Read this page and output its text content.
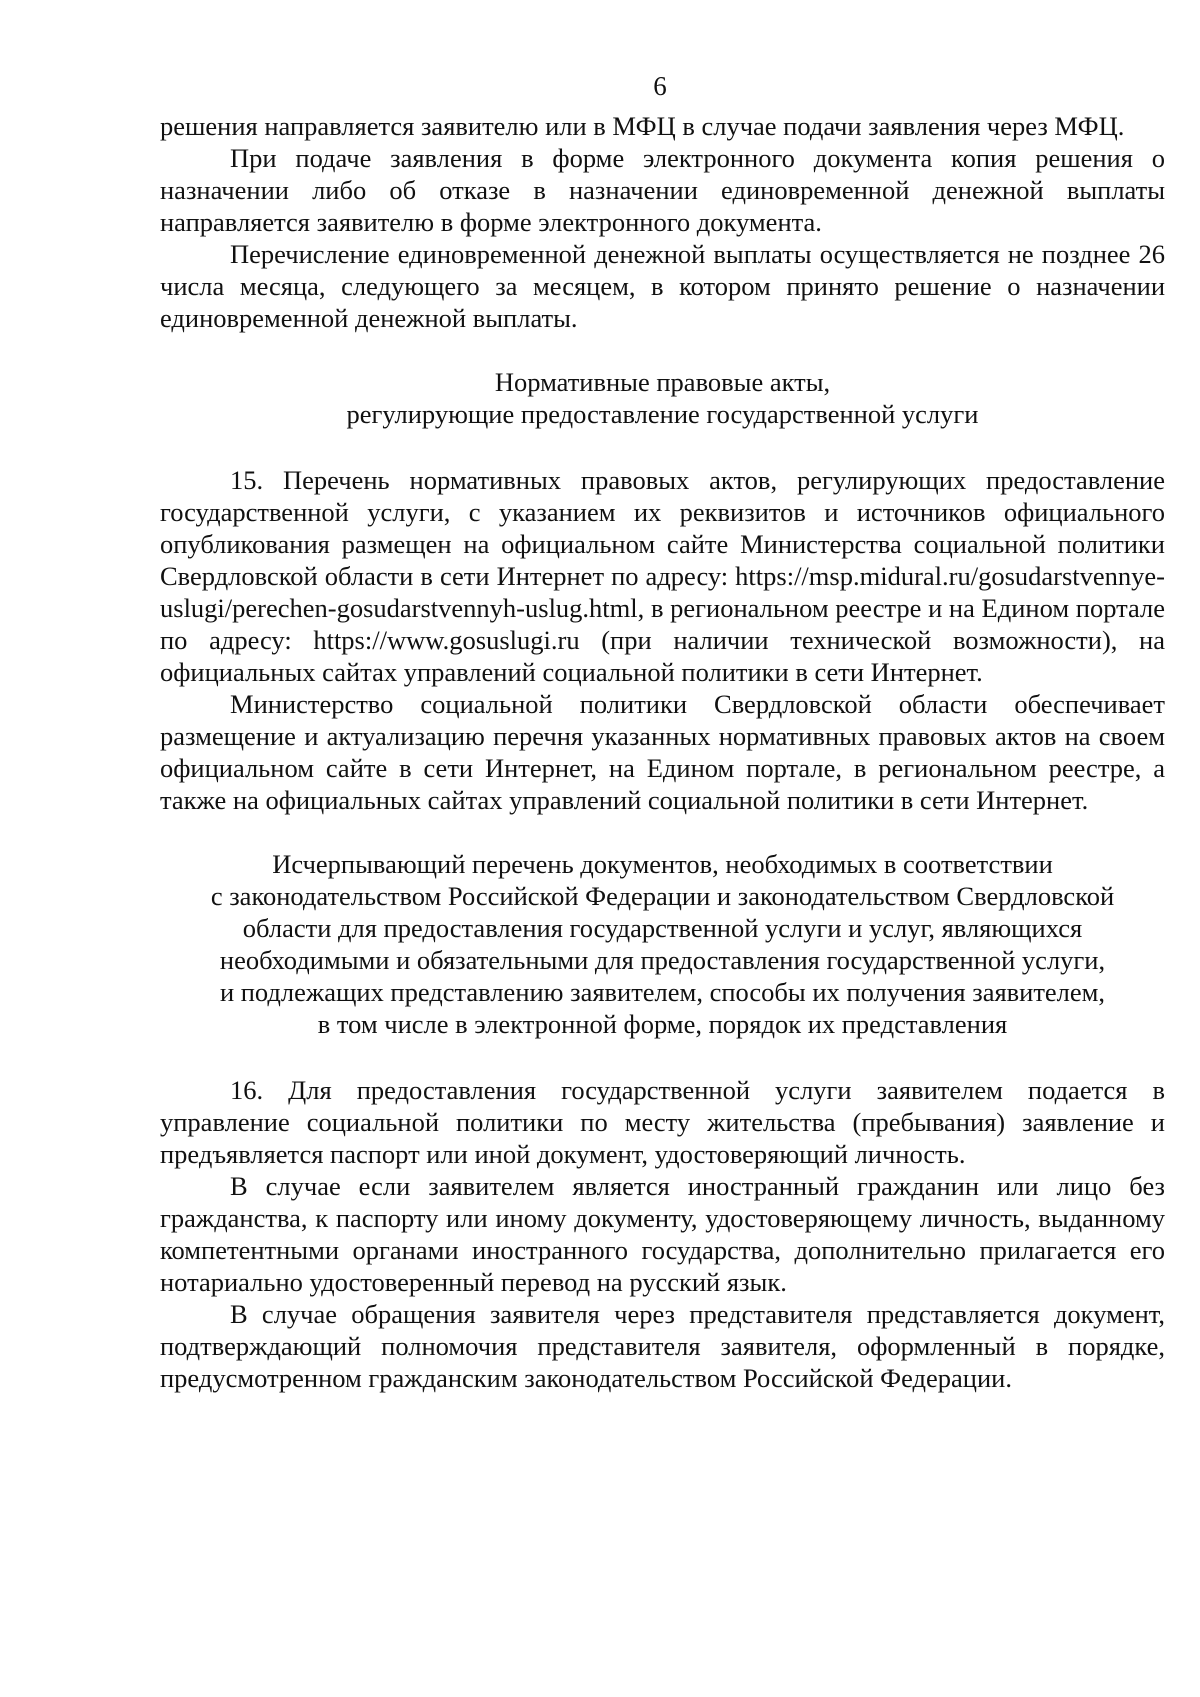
6

решения направляется заявителю или в МФЦ в случае подачи заявления через МФЦ.

При подаче заявления в форме электронного документа копия решения о назначении либо об отказе в назначении единовременной денежной выплаты направляется заявителю в форме электронного документа.

Перечисление единовременной денежной выплаты осуществляется не позднее 26 числа месяца, следующего за месяцем, в котором принято решение о назначении единовременной денежной выплаты.

Нормативные правовые акты,
регулирующие предоставление государственной услуги

15. Перечень нормативных правовых актов, регулирующих предоставление государственной услуги, с указанием их реквизитов и источников официального опубликования размещен на официальном сайте Министерства социальной политики Свердловской области в сети Интернет по адресу: https://msp.midural.ru/gosudarstvennye-uslugi/perechen-gosudarstvennyh-uslug.html, в региональном реестре и на Едином портале по адресу: https://www.gosuslugi.ru (при наличии технической возможности), на официальных сайтах управлений социальной политики в сети Интернет.

Министерство социальной политики Свердловской области обеспечивает размещение и актуализацию перечня указанных нормативных правовых актов на своем официальном сайте в сети Интернет, на Едином портале, в региональном реестре, а также на официальных сайтах управлений социальной политики в сети Интернет.

Исчерпывающий перечень документов, необходимых в соответствии
с законодательством Российской Федерации и законодательством Свердловской
области для предоставления государственной услуги и услуг, являющихся
необходимыми и обязательными для предоставления государственной услуги,
и подлежащих представлению заявителем, способы их получения заявителем,
в том числе в электронной форме, порядок их представления

16. Для предоставления государственной услуги заявителем подается в управление социальной политики по месту жительства (пребывания) заявление и предъявляется паспорт или иной документ, удостоверяющий личность.

В случае если заявителем является иностранный гражданин или лицо без гражданства, к паспорту или иному документу, удостоверяющему личность, выданному компетентными органами иностранного государства, дополнительно прилагается его нотариально удостоверенный перевод на русский язык.

В случае обращения заявителя через представителя представляется документ, подтверждающий полномочия представителя заявителя, оформленный в порядке, предусмотренном гражданским законодательством Российской Федерации.
